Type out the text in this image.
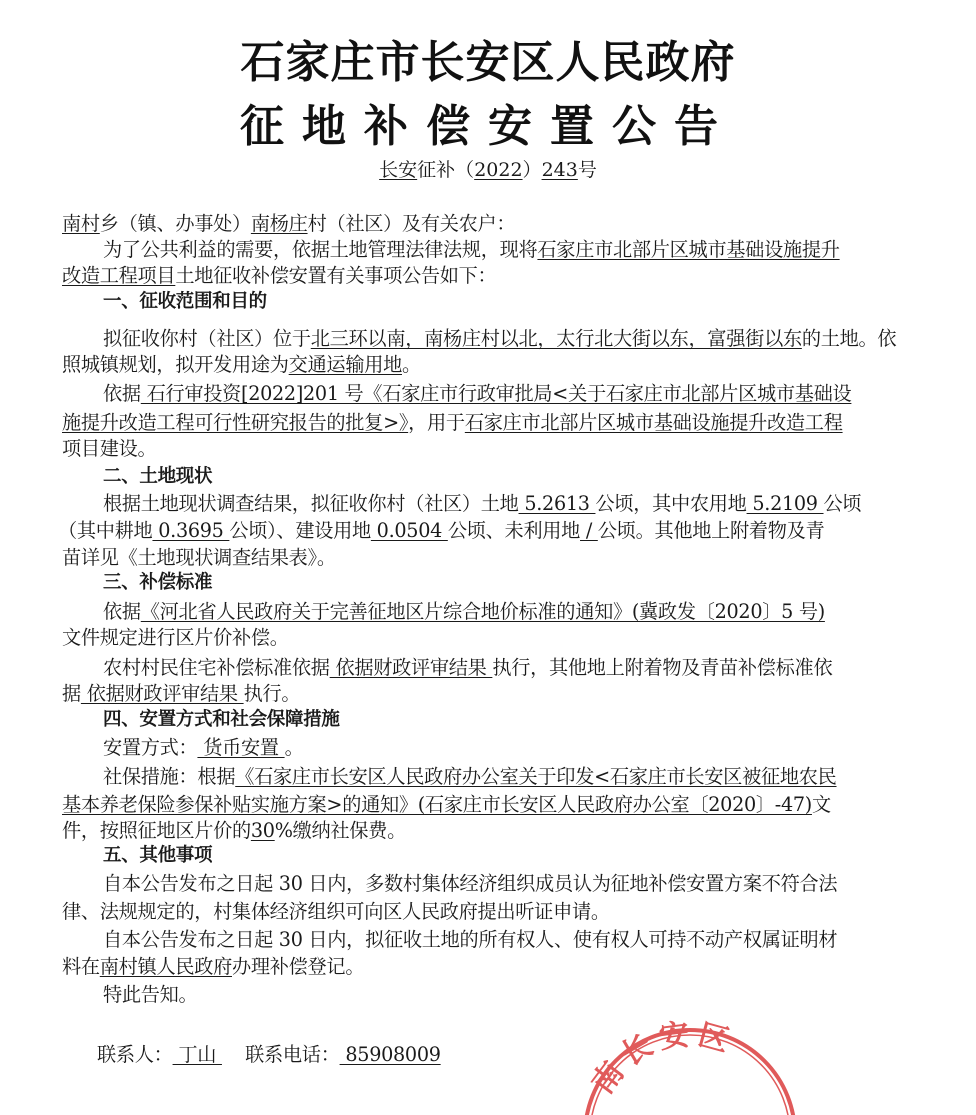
石家庄市长安区人民政府
征地补偿安置公告
长安征补（2022）243号
南村乡（镇、办事处）南杨庄村（社区）及有关农户：
为了公共利益的需要，依据土地管理法律法规，现将石家庄市北部片区城市基础设施提升
改造工程项目土地征收补偿安置有关事项公告如下：
一、征收范围和目的
拟征收你村（社区）位于北三环以南，南杨庄村以北，太行北大街以东，富强街以东的土地。依
照城镇规划，拟开发用途为交通运输用地。
依据 石行审投资[2022]201 号《石家庄市行政审批局<关于石家庄市北部片区城市基础设
施提升改造工程可行性研究报告的批复>》，用于石家庄市北部片区城市基础设施提升改造工程
项目建设。
二、土地现状
根据土地现状调查结果，拟征收你村（社区）土地 5.2613 公顷，其中农用地 5.2109 公顷
（其中耕地 0.3695 公顷）、建设用地 0.0504 公顷、未利用地 / 公顷。其他地上附着物及青
苗详见《土地现状调查结果表》。
三、补偿标准
依据《河北省人民政府关于完善征地区片综合地价标准的通知》(冀政发〔2020〕5 号)
文件规定进行区片价补偿。
农村村民住宅补偿标准依据 依据财政评审结果 执行，其他地上附着物及青苗补偿标准依
据 依据财政评审结果 执行。
四、安置方式和社会保障措施
安置方式： 货币安置 。
社保措施：根据《石家庄市长安区人民政府办公室关于印发<石家庄市长安区被征地农民
基本养老保险参保补贴实施方案>的通知》(石家庄市长安区人民政府办公室〔2020〕-47)文
件，按照征地区片价的30%缴纳社保费。
五、其他事项
自本公告发布之日起 30 日内，多数村集体经济组织成员认为征地补偿安置方案不符合法
律、法规规定的，村集体经济组织可向区人民政府提出听证申请。
自本公告发布之日起 30 日内，拟征收土地的所有权人、使有权人可持不动产权属证明材
料在南村镇人民政府办理补偿登记。
特此告知。
联系人： 丁山     联系电话： 85908009	南长安区
